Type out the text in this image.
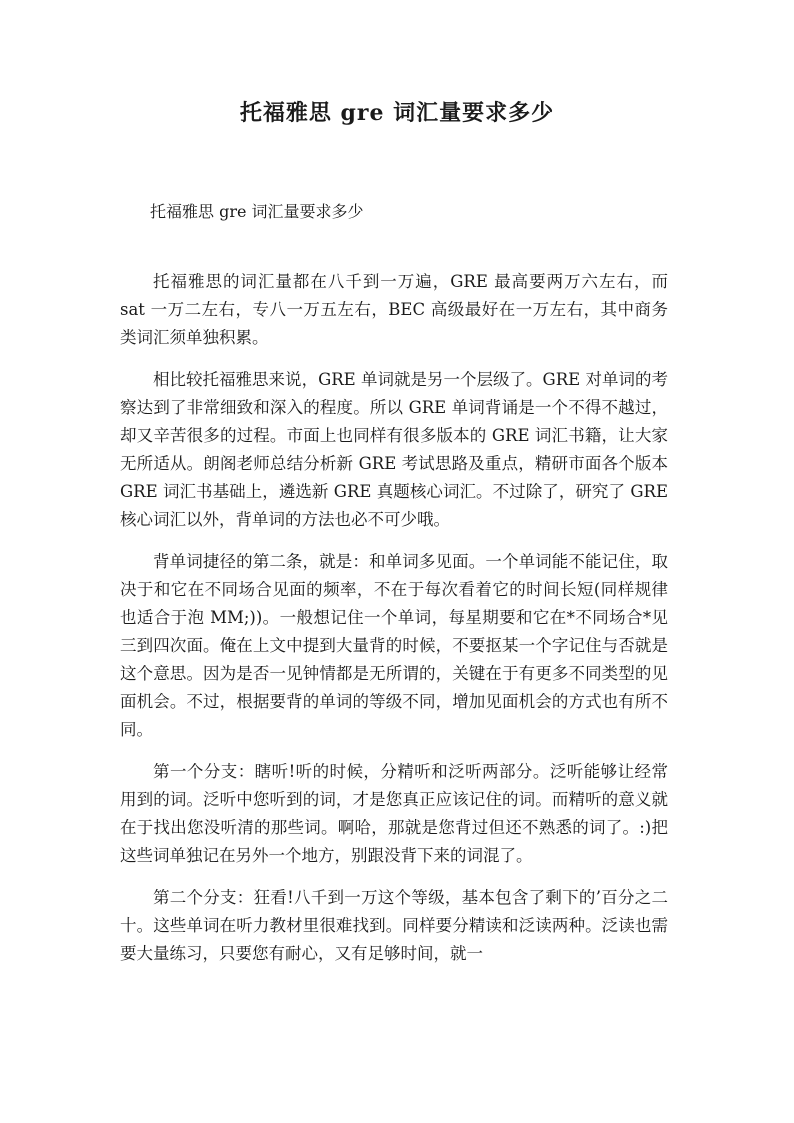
托福雅思 gre 词汇量要求多少

托福雅思 gre 词汇量要求多少

托福雅思的词汇量都在八千到一万遍，GRE 最高要两万六左右，而 sat 一万二左右，专八一万五左右，BEC 高级最好在一万左右，其中商务类词汇须单独积累。

相比较托福雅思来说，GRE 单词就是另一个层级了。GRE 对单词的考察达到了非常细致和深入的程度。所以 GRE 单词背诵是一个不得不越过，却又辛苦很多的过程。市面上也同样有很多版本的 GRE 词汇书籍，让大家无所适从。朗阁老师总结分析新 GRE 考试思路及重点，精研市面各个版本 GRE 词汇书基础上，遴选新 GRE 真题核心词汇。不过除了，研究了 GRE 核心词汇以外，背单词的方法也必不可少哦。

背单词捷径的第二条，就是：和单词多见面。一个单词能不能记住，取决于和它在不同场合见面的频率，不在于每次看着它的时间长短(同样规律也适合于泡 MM;))。一般想记住一个单词，每星期要和它在*不同场合*见三到四次面。俺在上文中提到大量背的时候，不要抠某一个字记住与否就是这个意思。因为是否一见钟情都是无所谓的，关键在于有更多不同类型的见面机会。不过，根据要背的单词的等级不同，增加见面机会的方式也有所不同。

第一个分支：瞎听!听的时候，分精听和泛听两部分。泛听能够让经常用到的词。泛听中您听到的词，才是您真正应该记住的词。而精听的意义就在于找出您没听清的那些词。啊哈，那就是您背过但还不熟悉的词了。:)把这些词单独记在另外一个地方，别跟没背下来的词混了。

第二个分支：狂看!八千到一万这个等级，基本包含了剩下的’百分之二十。这些单词在听力教材里很难找到。同样要分精读和泛读两种。泛读也需要大量练习，只要您有耐心，又有足够时间，就一
